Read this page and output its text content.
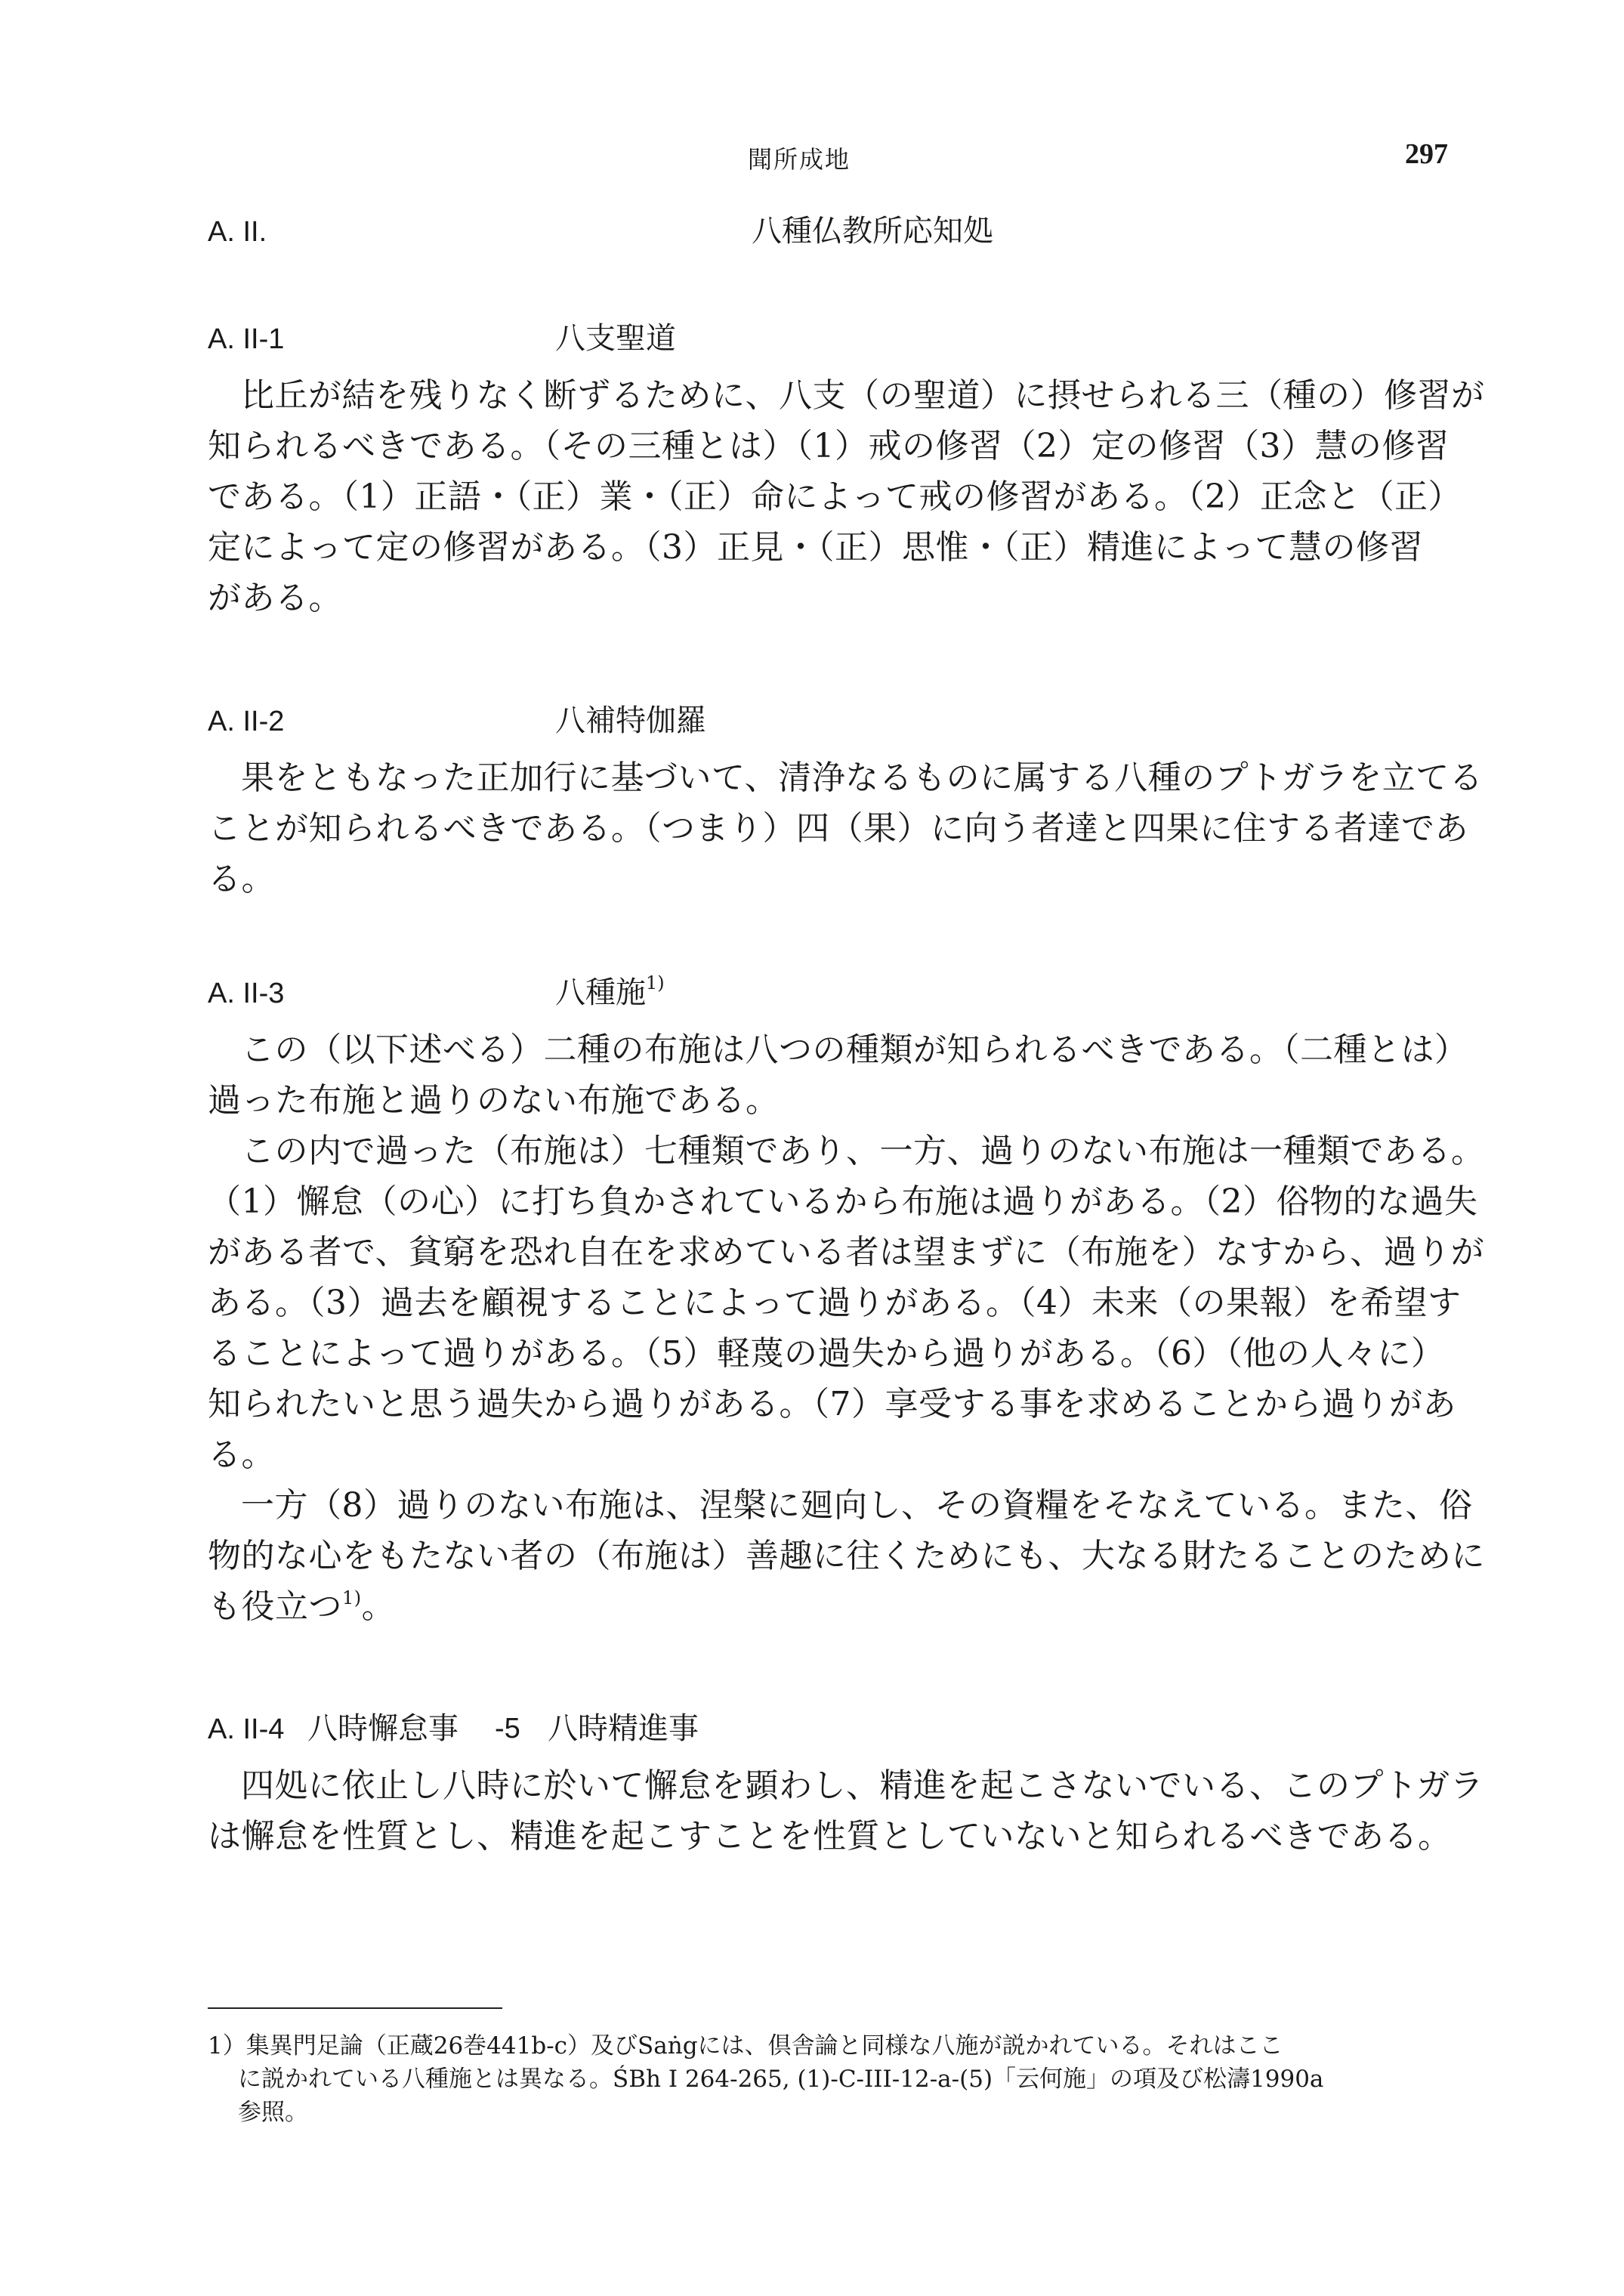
聞所成地	297
A. II.	八種仏教所応知処
A. II-1	八支聖道
比丘が結を残りなく断ずるために、八支（の聖道）に摂せられる三（種の）修習が
知られるべきである。（その三種とは）（1）戒の修習（2）定の修習（3）慧の修習
である。（1）正語・（正）業・（正）命によって戒の修習がある。（2）正念と（正）
定によって定の修習がある。（3）正見・（正）思惟・（正）精進によって慧の修習
がある。
A. II-2	八補特伽羅
果をともなった正加行に基づいて、清浄なるものに属する八種のプトガラを立てる
ことが知られるべきである。（つまり）四（果）に向う者達と四果に住する者達であ
る。
A. II-3	八種施$^{1)}$
この（以下述べる）二種の布施は八つの種類が知られるべきである。（二種とは）
過った布施と過りのない布施である。
この内で過った（布施は）七種類であり、一方、過りのない布施は一種類である。
（1）懈怠（の心）に打ち負かされているから布施は過りがある。（2）俗物的な過失
がある者で、貧窮を恐れ自在を求めている者は望まずに（布施を）なすから、過りが
ある。（3）過去を顧視することによって過りがある。（4）未来（の果報）を希望す
ることによって過りがある。（5）軽蔑の過失から過りがある。（6）（他の人々に）
知られたいと思う過失から過りがある。（7）享受する事を求めることから過りがあ
る。
一方（8）過りのない布施は、涅槃に廻向し、その資糧をそなえている。また、俗
物的な心をもたない者の（布施は）善趣に往くためにも、大なる財たることのために
も役立つ$^{1)}$。
A. II-4 八時懈怠事 -5 八時精進事
四処に依止し八時に於いて懈怠を顕わし、精進を起こさないでいる、このプトガラ
は懈怠を性質とし、精進を起こすことを性質としていないと知られるべきである。
1）集異門足論（正蔵26巻441b-c）及びSaṅgには、倶舎論と同様な八施が説かれている。それはここ
に説かれている八種施とは異なる。ŚBh I 264-265, (1)-C-III-12-a-(5)「云何施」の項及び松濤1990a
参照。
